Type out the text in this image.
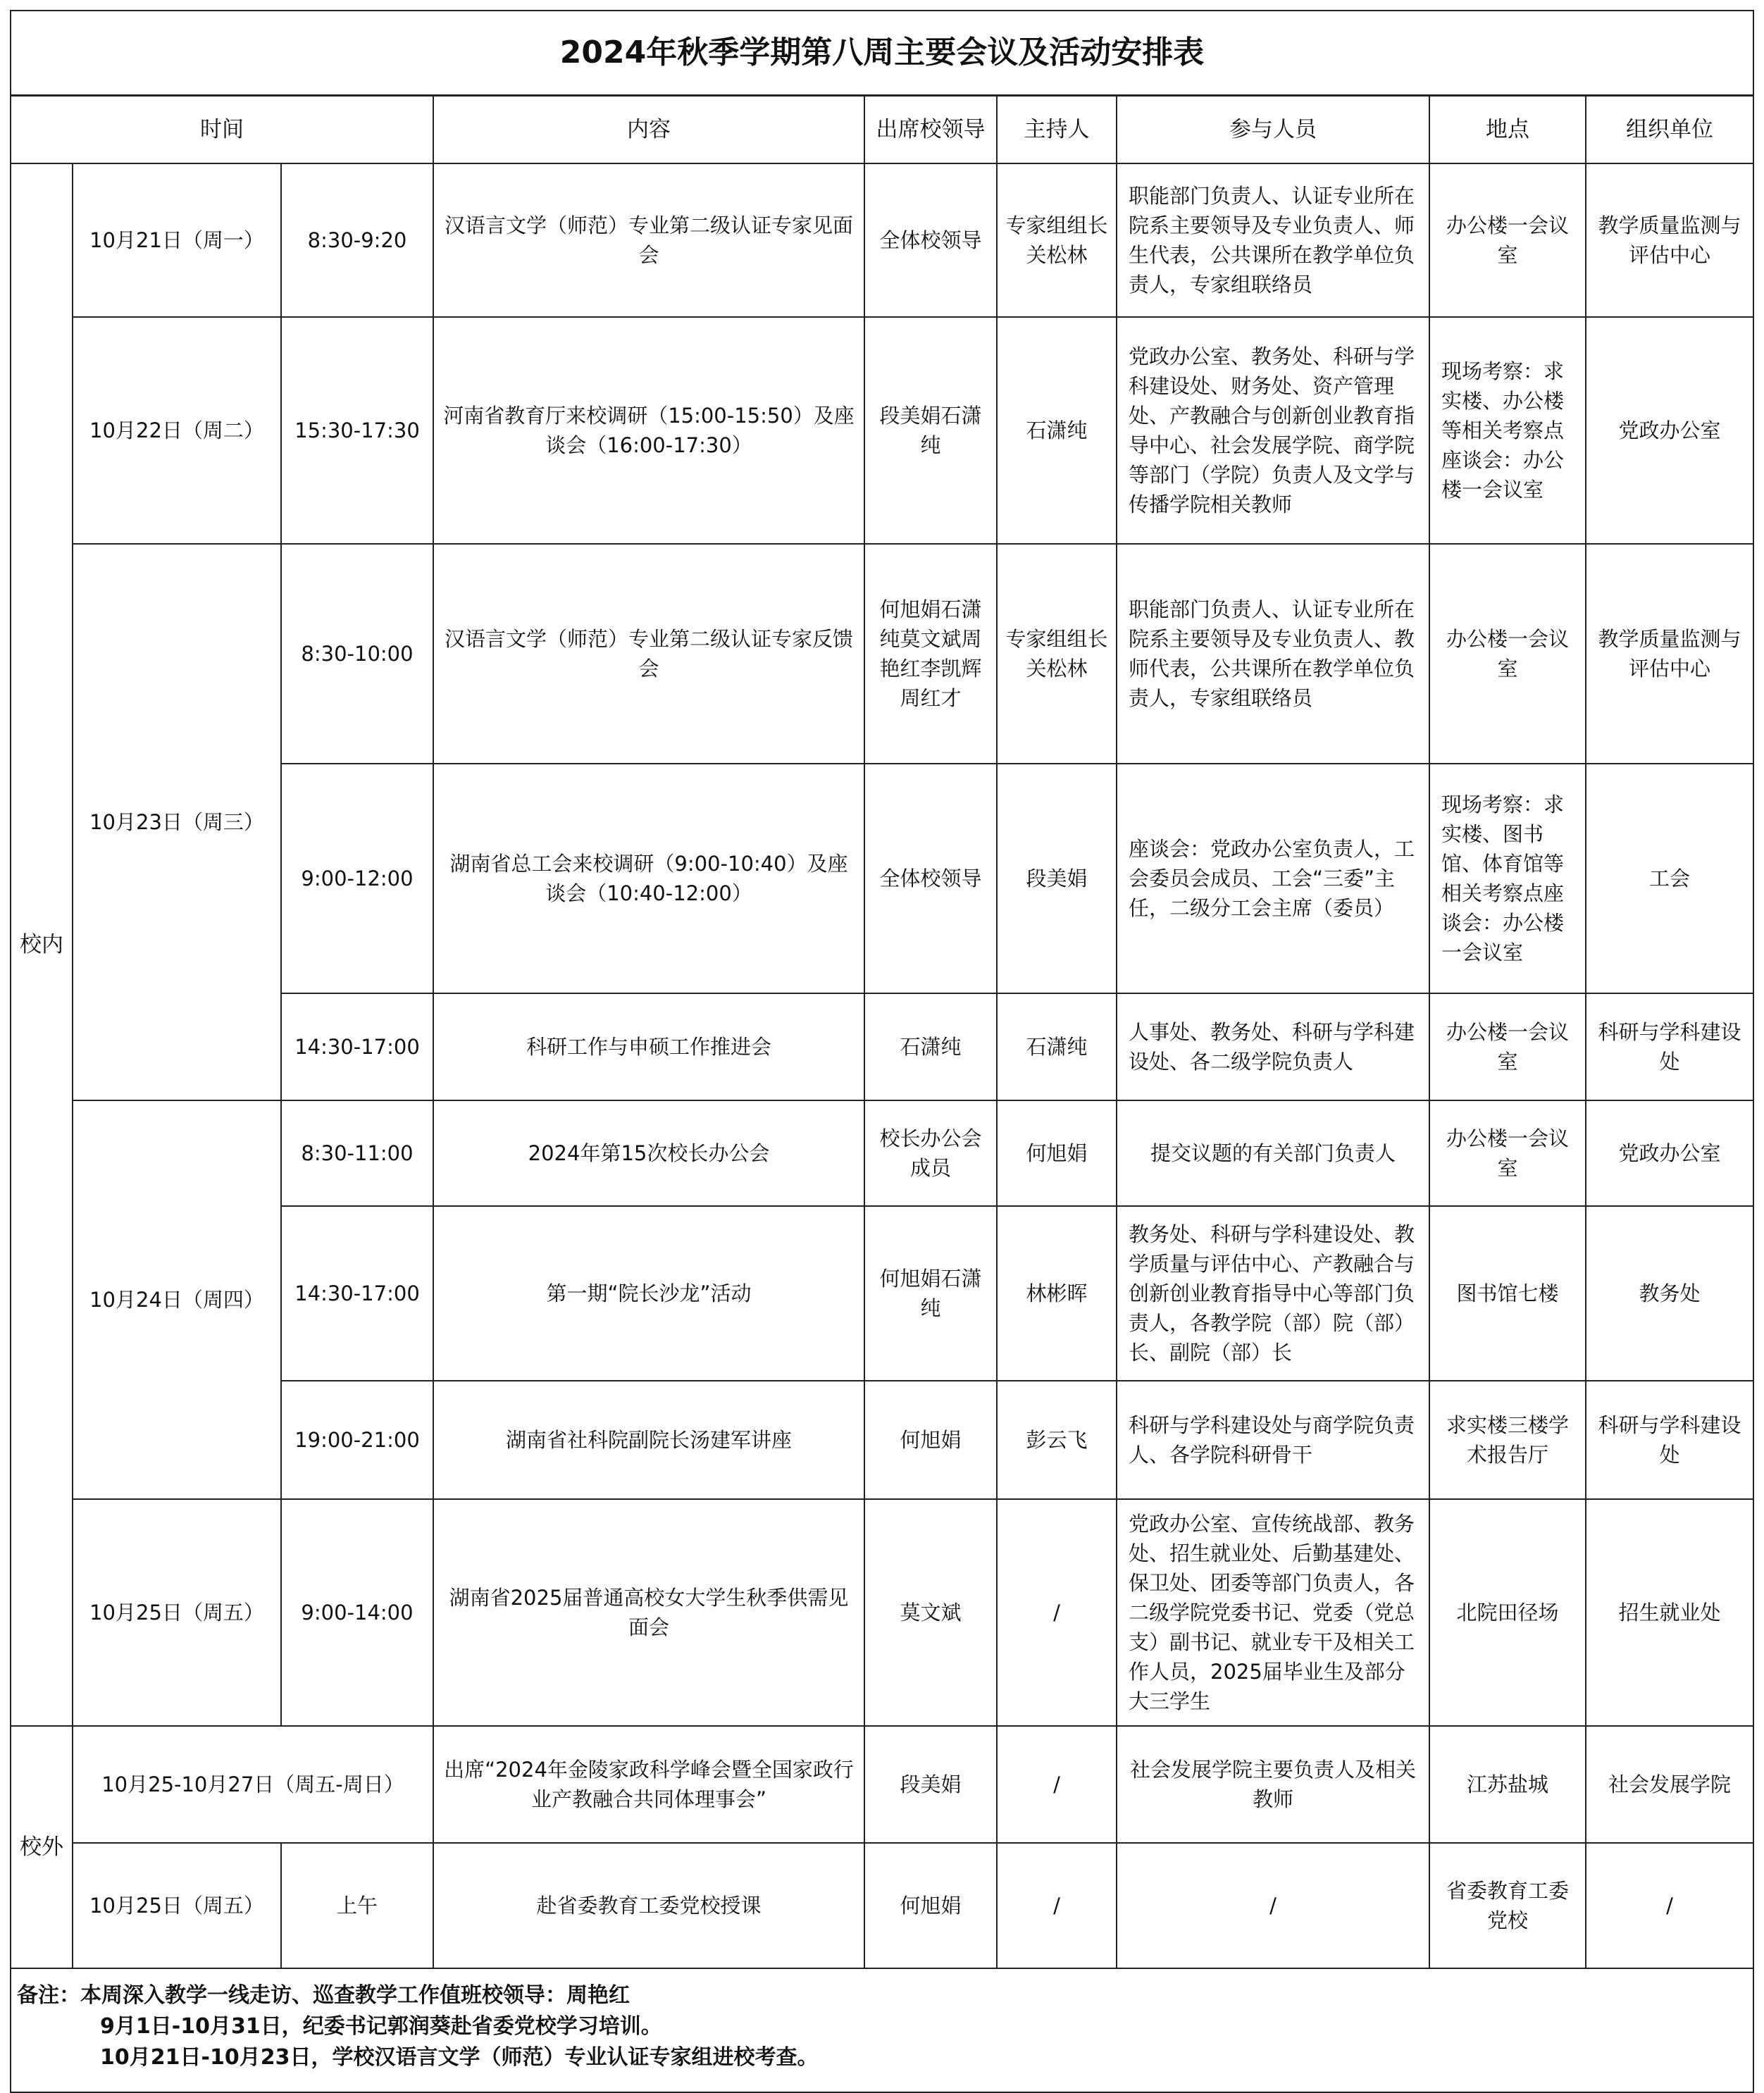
2024年秋季学期第八周主要会议及活动安排表								
时间			内容	出席校领导	主持人	参与人员	地点	组织单位
校内	10月21日（周一）	8:30-9:20	汉语言文学（师范）专业第二级认证专家见面会	全体校领导	专家组组长关松林	职能部门负责人、认证专业所在院系主要领导及专业负责人、师生代表，公共课所在教学单位负责人，专家组联络员	办公楼一会议室	教学质量监测与评估中心
	10月22日（周二）	15:30-17:30	河南省教育厅来校调研（15:00-15:50）及座谈会（16:00-17:30）	段美娟石潇纯	石潇纯	党政办公室、教务处、科研与学科建设处、财务处、资产管理处、产教融合与创新创业教育指导中心、社会发展学院、商学院等部门（学院）负责人及文学与传播学院相关教师	现场考察：求实楼、办公楼等相关考察点座谈会：办公楼一会议室	党政办公室
	10月23日（周三）	8:30-10:00	汉语言文学（师范）专业第二级认证专家反馈会	何旭娟石潇纯莫文斌周艳红李凯辉周红才	专家组组长关松林	职能部门负责人、认证专业所在院系主要领导及专业负责人、教师代表，公共课所在教学单位负责人，专家组联络员	办公楼一会议室	教学质量监测与评估中心
		9:00-12:00	湖南省总工会来校调研（9:00-10:40）及座谈会（10:40-12:00）	全体校领导	段美娟	座谈会：党政办公室负责人，工会委员会成员、工会“三委”主任，二级分工会主席（委员）	现场考察：求实楼、图书馆、体育馆等相关考察点座谈会：办公楼一会议室	工会
		14:30-17:00	科研工作与申硕工作推进会	石潇纯	石潇纯	人事处、教务处、科研与学科建设处、各二级学院负责人	办公楼一会议室	科研与学科建设处
	10月24日（周四）	8:30-11:00	2024年第15次校长办公会	校长办公会成员	何旭娟	提交议题的有关部门负责人	办公楼一会议室	党政办公室
		14:30-17:00	第一期“院长沙龙”活动	何旭娟石潇纯	林彬晖	教务处、科研与学科建设处、教学质量与评估中心、产教融合与创新创业教育指导中心等部门负责人，各教学院（部）院（部）长、副院（部）长	图书馆七楼	教务处
		19:00-21:00	湖南省社科院副院长汤建军讲座	何旭娟	彭云飞	科研与学科建设处与商学院负责人、各学院科研骨干	求实楼三楼学术报告厅	科研与学科建设处
	10月25日（周五）	9:00-14:00	湖南省2025届普通高校女大学生秋季供需见面会	莫文斌	/	党政办公室、宣传统战部、教务处、招生就业处、后勤基建处、保卫处、团委等部门负责人，各二级学院党委书记、党委（党总支）副书记、就业专干及相关工作人员，2025届毕业生及部分大三学生	北院田径场	招生就业处
校外	10月25-10月27日（周五-周日）		出席“2024年金陵家政科学峰会暨全国家政行业产教融合共同体理事会”	段美娟	/	社会发展学院主要负责人及相关教师	江苏盐城	社会发展学院
	10月25日（周五）	上午	赴省委教育工委党校授课	何旭娟	/	/	省委教育工委党校	/

备注：本周深入教学一线走访、巡查教学工作值班校领导：周艳红
9月1日-10月31日，纪委书记郭润葵赴省委党校学习培训。
10月21日-10月23日，学校汉语言文学（师范）专业认证专家组进校考查。								
